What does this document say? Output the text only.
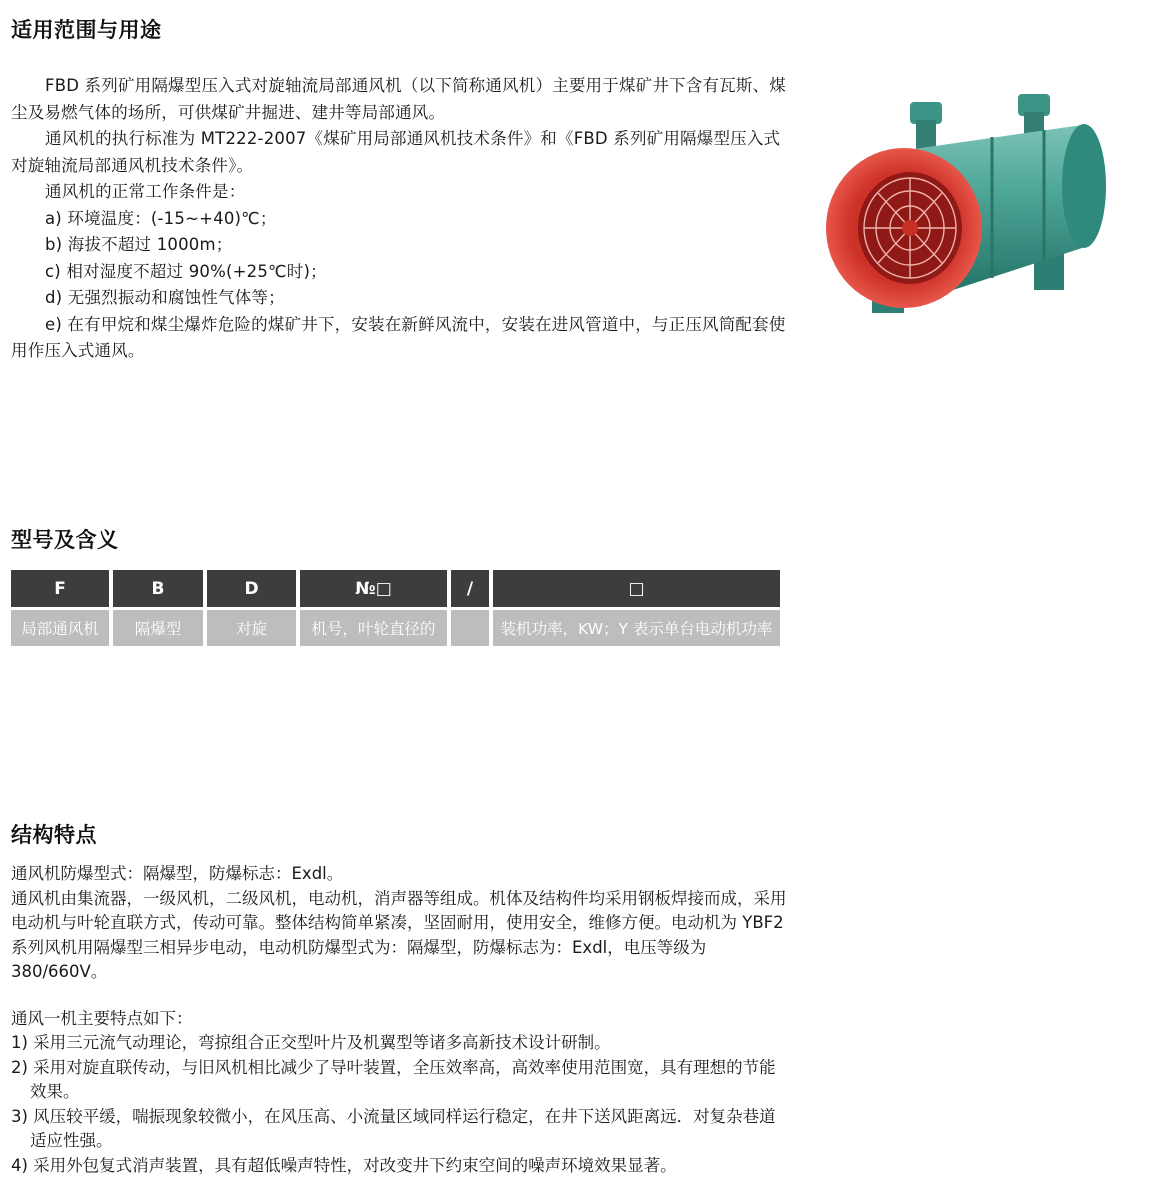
适用范围与用途

FBD 系列矿用隔爆型压入式对旋轴流局部通风机（以下简称通风机）主要用于煤矿井下含有瓦斯、煤尘及易燃气体的场所，可供煤矿井掘进、建井等局部通风。

通风机的执行标准为 MT222-2007《煤矿用局部通风机技术条件》和《FBD 系列矿用隔爆型压入式对旋轴流局部通风机技术条件》。

通风机的正常工作条件是：

a) 环境温度：(-15~+40)℃；

b) 海拔不超过 1000m；

c) 相对湿度不超过 90%(+25℃时)；

d) 无强烈振动和腐蚀性气体等；

e) 在有甲烷和煤尘爆炸危险的煤矿井下，安装在新鲜风流中，安装在进风管道中，与正压风筒配套使用作压入式通风。

型号及含义
F	B	D	№□	/	□
局部通风机	隔爆型	对旋	机号，叶轮直径的		装机功率，KW；Y 表示单台电动机功率
结构特点

通风机防爆型式：隔爆型，防爆标志：Exdl。

通风机由集流器，一级风机，二级风机，电动机，消声器等组成。机体及结构件均采用钢板焊接而成，采用电动机与叶轮直联方式，传动可靠。整体结构简单紧凑，坚固耐用，使用安全，维修方便。电动机为 YBF2 系列风机用隔爆型三相异步电动，电动机防爆型式为：隔爆型，防爆标志为：Exdl，电压等级为 380/660V。

通风一机主要特点如下：

1) 采用三元流气动理论，弯掠组合正交型叶片及机翼型等诸多高新技术设计研制。

2) 采用对旋直联传动，与旧风机相比减少了导叶装置，全压效率高，高效率使用范围宽，具有理想的节能效果。

3) 风压较平缓，喘振现象较微小，在风压高、小流量区域同样运行稳定，在井下送风距离远．对复杂巷道适应性强。

4) 采用外包复式消声装置，具有超低噪声特性，对改变井下约束空间的噪声环境效果显著。
